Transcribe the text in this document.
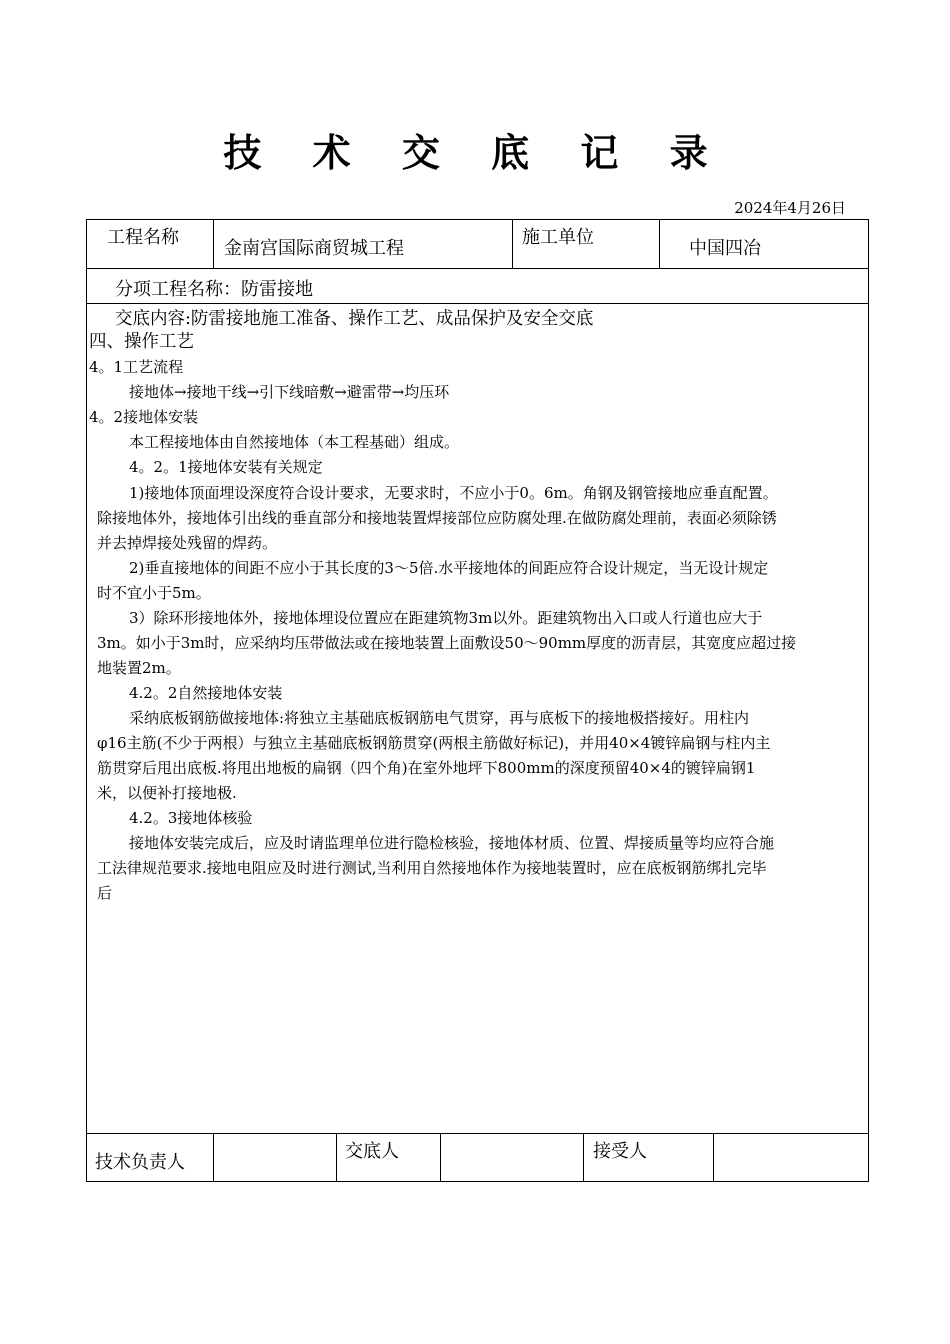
技 术 交 底 记 录
2024年4月26日
工程名称
金南宫国际商贸城工程
施工单位
中国四冶
分项工程名称：防雷接地
交底内容:防雷接地施工准备、操作工艺、成品保护及安全交底
四、操作工艺
4。1工艺流程
接地体→接地干线→引下线暗敷→避雷带→均压环
4。2接地体安装
本工程接地体由自然接地体（本工程基础）组成。
4。2。1接地体安装有关规定
1)接地体顶面埋设深度符合设计要求，无要求时，不应小于0。6m。角钢及钢管接地应垂直配置。
除接地体外，接地体引出线的垂直部分和接地装置焊接部位应防腐处理.在做防腐处理前，表面必须除锈
并去掉焊接处残留的焊药。
2)垂直接地体的间距不应小于其长度的3～5倍.水平接地体的间距应符合设计规定，当无设计规定
时不宜小于5m。
3）除环形接地体外，接地体埋设位置应在距建筑物3m以外。距建筑物出入口或人行道也应大于
3m。如小于3m时，应采纳均压带做法或在接地装置上面敷设50～90mm厚度的沥青层，其宽度应超过接
地装置2m。
4.2。2自然接地体安装
采纳底板钢筋做接地体:将独立主基础底板钢筋电气贯穿，再与底板下的接地极搭接好。用柱内
φ16主筋(不少于两根）与独立主基础底板钢筋贯穿(两根主筋做好标记)，并用40×4镀锌扁钢与柱内主
筋贯穿后甩出底板.将甩出地板的扁钢（四个角)在室外地坪下800mm的深度预留40×4的镀锌扁钢1
米，以便补打接地极.
4.2。3接地体核验
接地体安装完成后，应及时请监理单位进行隐检核验，接地体材质、位置、焊接质量等均应符合施
工法律规范要求.接地电阻应及时进行测试,当利用自然接地体作为接地装置时，应在底板钢筋绑扎完毕
后
技术负责人
交底人	接受人
